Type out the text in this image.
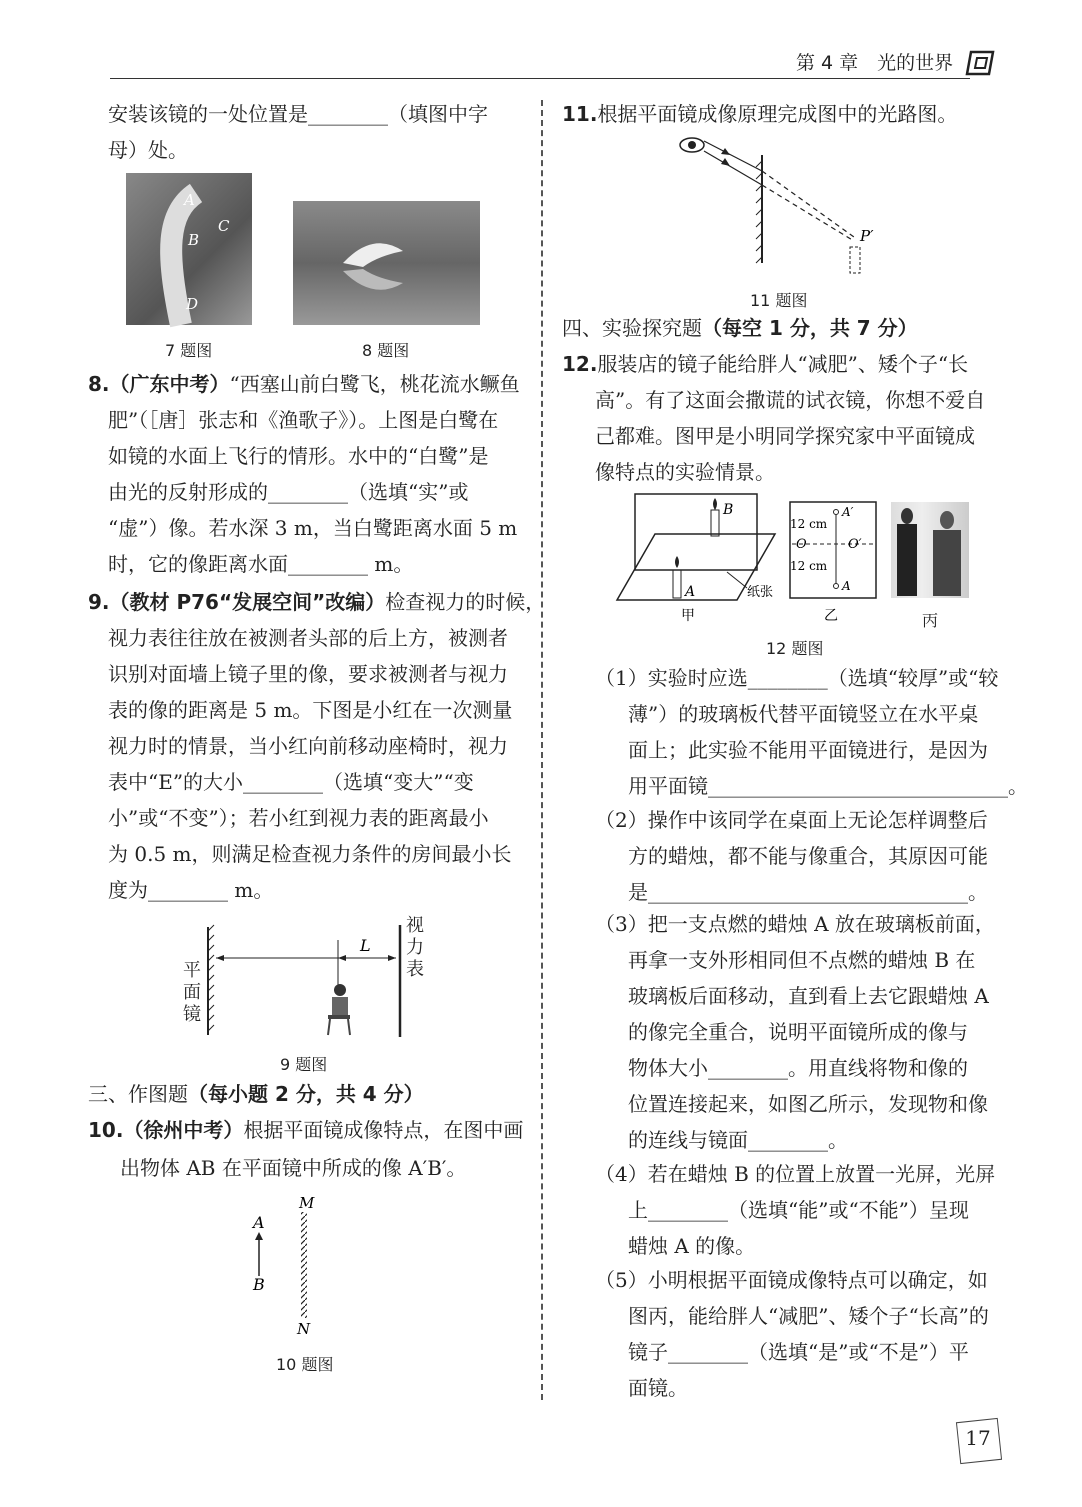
第 4 章　光的世界
安装该镜的一处位置是________（填图中字
母）处。
A
B
C
D
7 题图	8 题图
8.（广东中考）“西塞山前白鹭飞，桃花流水鳜鱼
肥”（［唐］张志和《渔歌子》）。上图是白鹭在
如镜的水面上飞行的情形。水中的“白鹭”是
由光的反射形成的________（选填“实”或
“虚”）像。若水深 3 m，当白鹭距离水面 5 m
时，它的像距离水面________ m。
9.（教材 P76“发展空间”改编）检查视力的时候，
视力表往往放在被测者头部的后上方，被测者
识别对面墙上镜子里的像，要求被测者与视力
表的像的距离是 5 m。下图是小红在一次测量
视力时的情景，当小红向前移动座椅时，视力
表中“E”的大小________（选填“变大”“变
小”或“不变”）；若小红到视力表的距离最小
为 0.5 m，则满足检查视力条件的房间最小长
度为________ m。
L
平面镜
视力表
9 题图
三、作图题（每小题 2 分，共 4 分）
10.（徐州中考）根据平面镜成像特点，在图中画
出物体 AB 在平面镜中所成的像 A′B′。
A
B
M
N
10 题图
11.根据平面镜成像原理完成图中的光路图。
P′
11 题图
四、实验探究题（每空 1 分，共 7 分）
12.服装店的镜子能给胖人“减肥”、矮个子“长
高”。有了这面会撒谎的试衣镜，你想不爱自
己都难。图甲是小明同学探究家中平面镜成
像特点的实验情景。
B
A	纸张
甲
A′
12 cm
O	O′
12 cm
A
乙	丙
12 题图
（1）实验时应选________（选填“较厚”或“较
薄”）的玻璃板代替平面镜竖立在水平桌
面上；此实验不能用平面镜进行，是因为
用平面镜______________________________。
（2）操作中该同学在桌面上无论怎样调整后
方的蜡烛，都不能与像重合，其原因可能
是________________________________。
（3）把一支点燃的蜡烛 A 放在玻璃板前面，
再拿一支外形相同但不点燃的蜡烛 B 在
玻璃板后面移动，直到看上去它跟蜡烛 A
的像完全重合，说明平面镜所成的像与
物体大小________。用直线将物和像的
位置连接起来，如图乙所示，发现物和像
的连线与镜面________。
（4）若在蜡烛 B 的位置上放置一光屏，光屏
上________（选填“能”或“不能”）呈现
蜡烛 A 的像。
（5）小明根据平面镜成像特点可以确定，如
图丙，能给胖人“减肥”、矮个子“长高”的
镜子________（选填“是”或“不是”）平
面镜。
17
